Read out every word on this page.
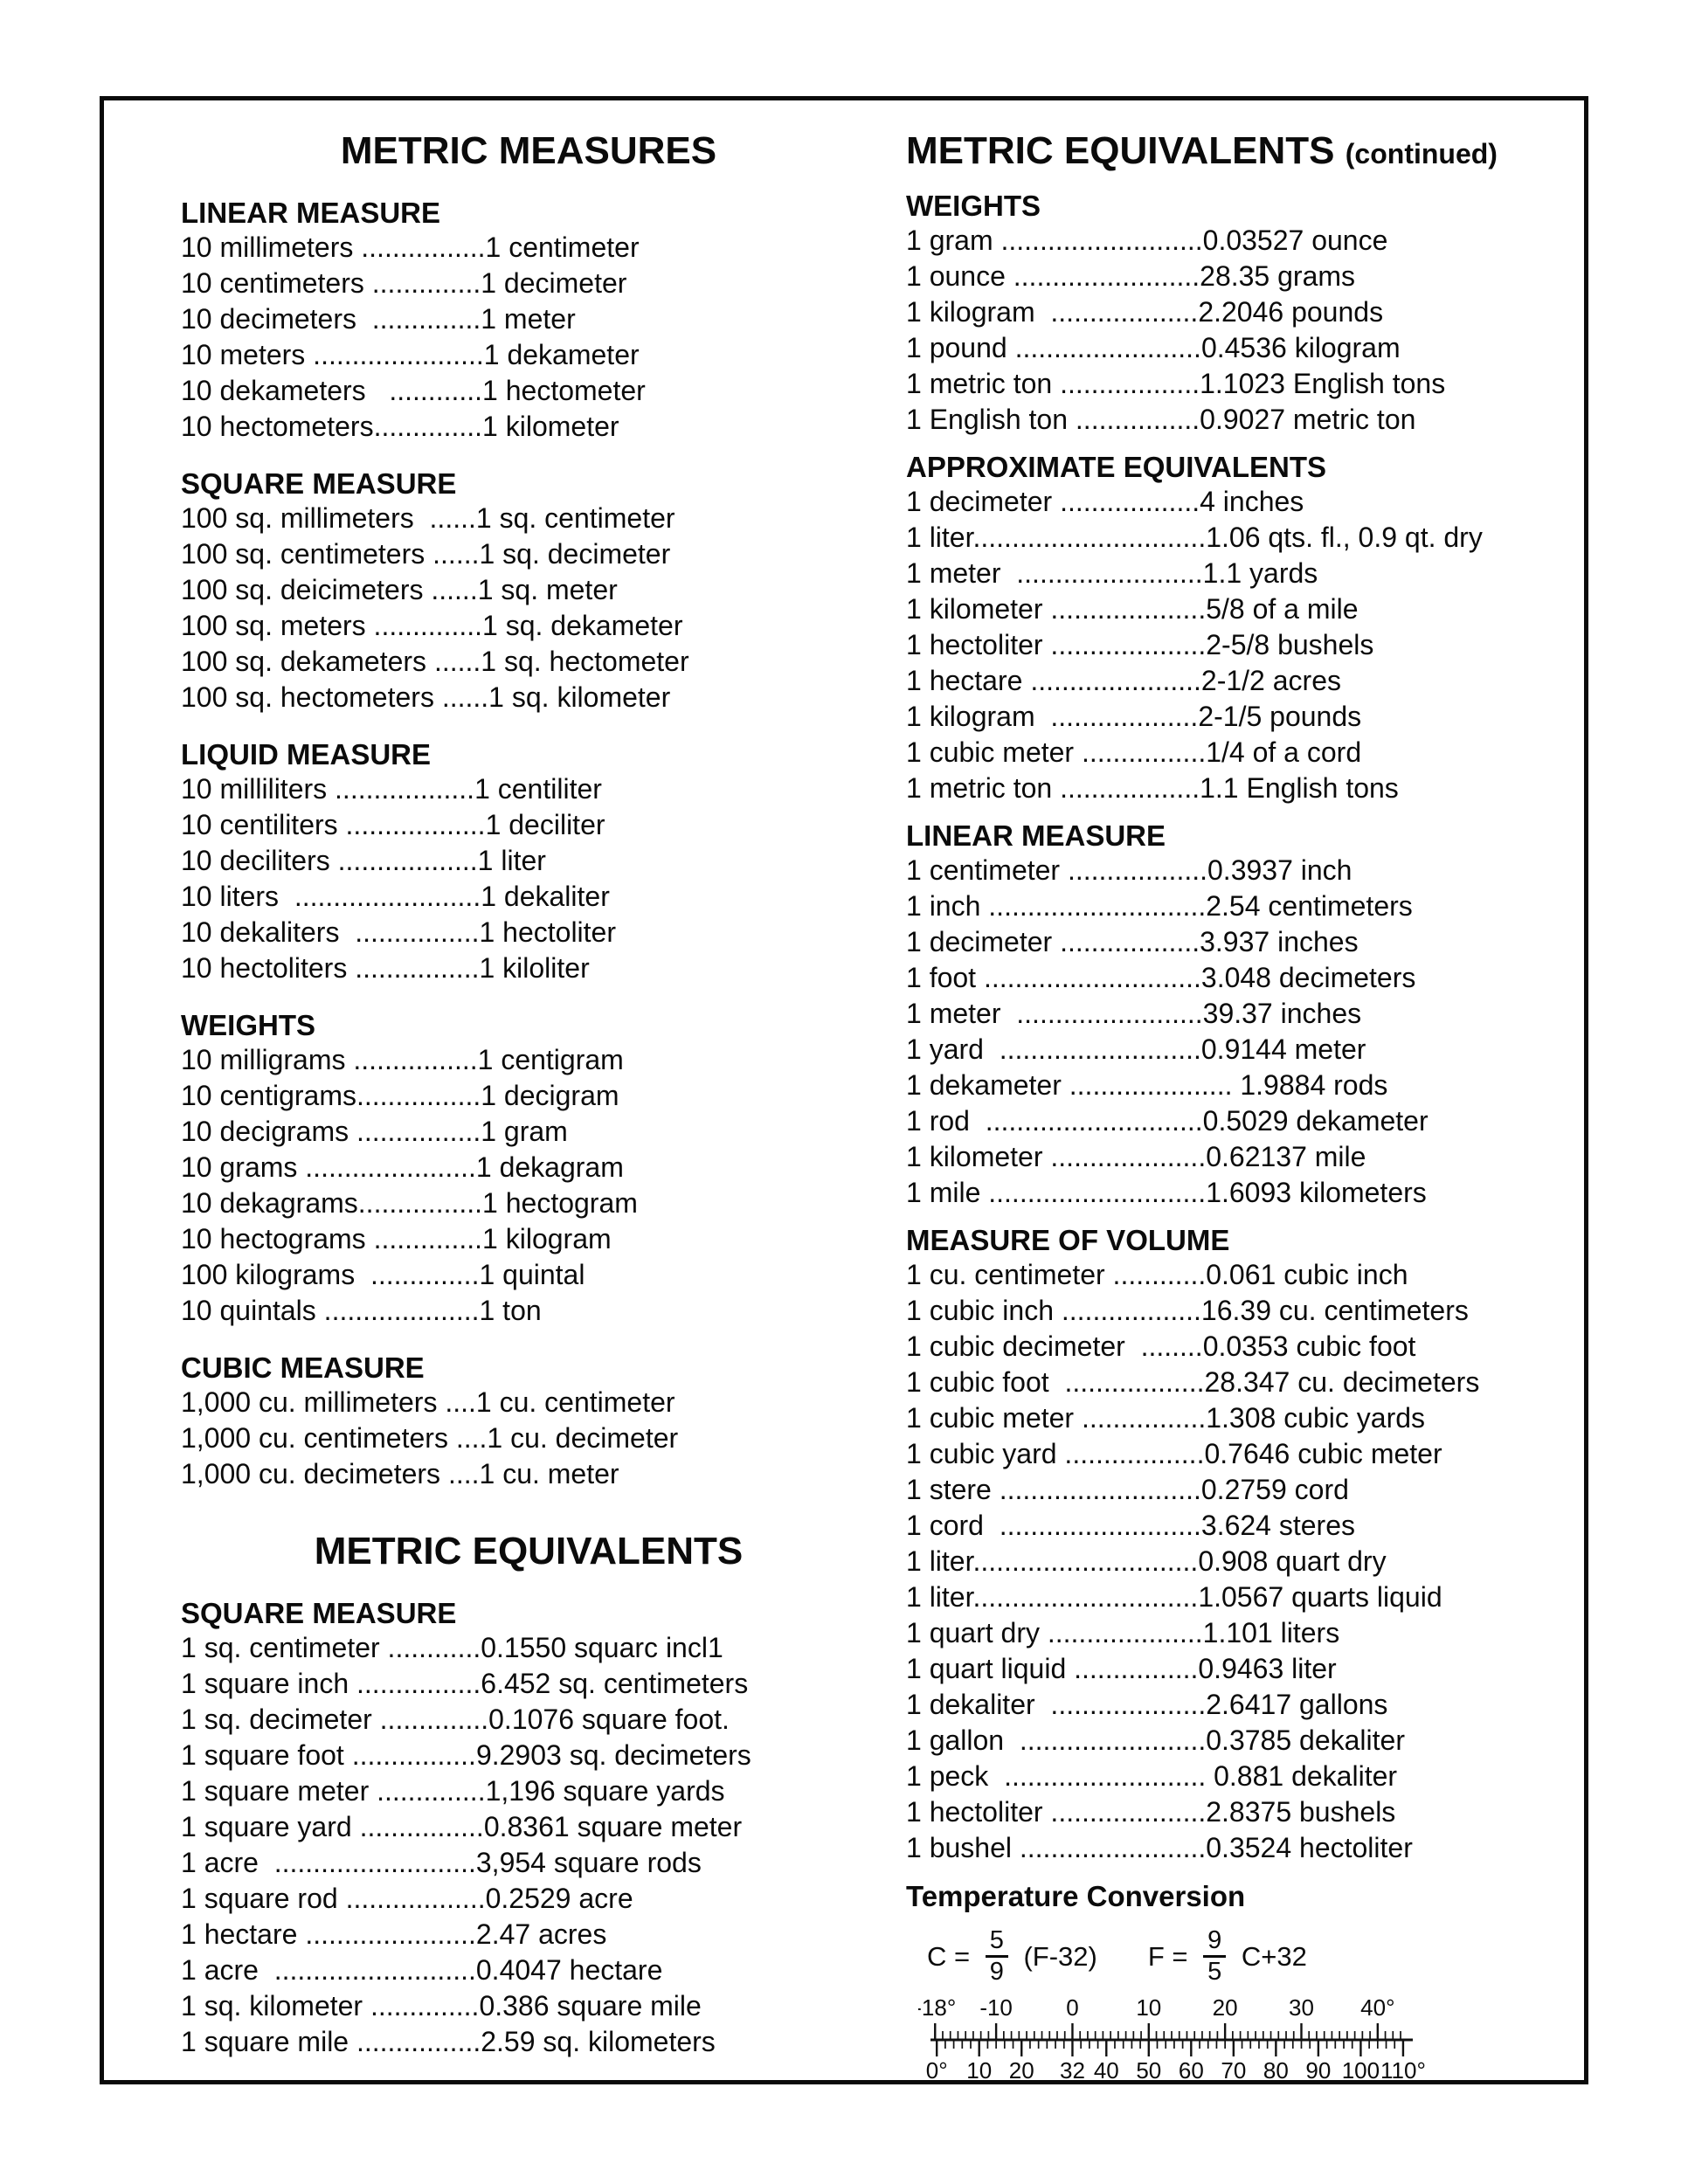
METRIC MEASURES
LINEAR MEASURE
10 millimeters ................1 centimeter
10 centimeters ..............1 decimeter
10 decimeters  ..............1 meter
10 meters ......................1 dekameter
10 dekameters   ............1 hectometer
10 hectometers..............1 kilometer
SQUARE MEASURE
100 sq. millimeters  ......1 sq. centimeter
100 sq. centimeters ......1 sq. decimeter
100 sq. deicimeters ......1 sq. meter
100 sq. meters ..............1 sq. dekameter
100 sq. dekameters ......1 sq. hectometer
100 sq. hectometers ......1 sq. kilometer
LIQUID MEASURE
10 milliliters ..................1 centiliter
10 centiliters ..................1 deciliter
10 deciliters ..................1 liter
10 liters  ........................1 dekaliter
10 dekaliters  ................1 hectoliter
10 hectoliters ................1 kiloliter
WEIGHTS
10 milligrams ................1 centigram
10 centigrams................1 decigram
10 decigrams ................1 gram
10 grams ......................1 dekagram
10 dekagrams................1 hectogram
10 hectograms ..............1 kilogram
100 kilograms  ..............1 quintal
10 quintals ....................1 ton
CUBIC MEASURE
1,000 cu. millimeters ....1 cu. centimeter
1,000 cu. centimeters ....1 cu. decimeter
1,000 cu. decimeters ....1 cu. meter
METRIC EQUIVALENTS
SQUARE MEASURE
1 sq. centimeter ............0.1550 squarc incl1
1 square inch ................6.452 sq. centimeters
1 sq. decimeter ..............0.1076 square foot.
1 square foot ................9.2903 sq. decimeters
1 square meter ..............1,196 square yards
1 square yard ................0.8361 square meter
1 acre  ..........................3,954 square rods
1 square rod ..................0.2529 acre
1 hectare ......................2.47 acres
1 acre  ..........................0.4047 hectare
1 sq. kilometer ..............0.386 square mile
1 square mile ................2.59 sq. kilometers
METRIC EQUIVALENTS (continued)
WEIGHTS
1 gram ..........................0.03527 ounce
1 ounce ........................28.35 grams
1 kilogram  ...................2.2046 pounds
1 pound ........................0.4536 kilogram
1 metric ton ..................1.1023 English tons
1 English ton ................0.9027 metric ton
APPROXIMATE EQUIVALENTS
1 decimeter ..................4 inches
1 liter..............................1.06 qts. fl., 0.9 qt. dry
1 meter  ........................1.1 yards
1 kilometer ....................5/8 of a mile
1 hectoliter ....................2-5/8 bushels
1 hectare ......................2-1/2 acres
1 kilogram  ...................2-1/5 pounds
1 cubic meter ................1/4 of a cord
1 metric ton ..................1.1 English tons
LINEAR MEASURE
1 centimeter ..................0.3937 inch
1 inch ............................2.54 centimeters
1 decimeter ..................3.937 inches
1 foot ............................3.048 decimeters
1 meter  ........................39.37 inches
1 yard  ..........................0.9144 meter
1 dekameter ..................... 1.9884 rods
1 rod  ............................0.5029 dekameter
1 kilometer ....................0.62137 mile
1 mile ............................1.6093 kilometers
MEASURE OF VOLUME
1 cu. centimeter ............0.061 cubic inch
1 cubic inch ..................16.39 cu. centimeters
1 cubic decimeter  ........0.0353 cubic foot
1 cubic foot  ..................28.347 cu. decimeters
1 cubic meter ................1.308 cubic yards
1 cubic yard ..................0.7646 cubic meter
1 stere ..........................0.2759 cord
1 cord  ..........................3.624 steres
1 liter.............................0.908 quart dry
1 liter.............................1.0567 quarts liquid
1 quart dry ....................1.101 liters
1 quart liquid ................0.9463 liter
1 dekaliter  ....................2.6417 gallons
1 gallon  ........................0.3785 dekaliter
1 peck  .......................... 0.881 dekaliter
1 hectoliter ....................2.8375 bushels
1 bushel ........................0.3524 hectoliter
Temperature Conversion
$C = \frac{5}{9} (F-32) F = \frac{9}{5} C+32$
-18° -10 0	10 20 30 40°
0° 10 20 32 40 50 60 70 80 90 100 110°
